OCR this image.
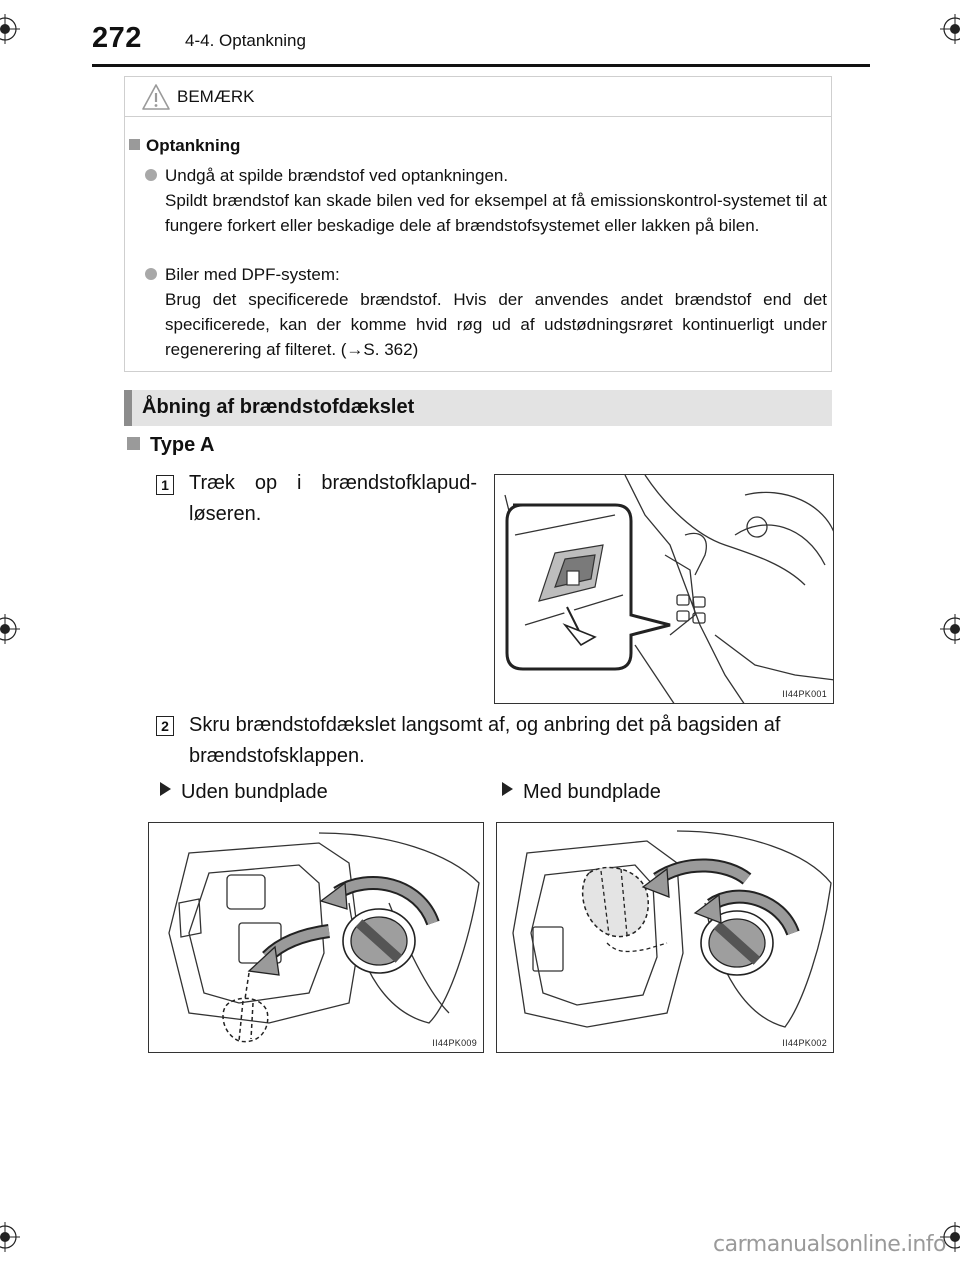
272	4-4. Optankning
BEMÆRK
Optankning
Undgå at spilde brændstof ved optankningen.
Spildt brændstof kan skade bilen ved for eksempel at få emissionskontrol-systemet til at fungere forkert eller beskadige dele af brændstofsystemet eller lakken på bilen.
Biler med DPF-system:
Brug det specificerede brændstof. Hvis der anvendes andet brændstof end det specificerede, kan der komme hvid røg ud af udstødningsrøret kontinuerligt under regenerering af filteret. (→S. 362)
Åbning af brændstofdækslet
Type A
1 Træk op i brændstofklapud-løseren.
II44PK001
2 Skru brændstofdækslet langsomt af, og anbring det på bagsiden af brændstofsklappen.
Uden bundplade	Med bundplade
II44PK009	II44PK002
carmanualsonline.info
